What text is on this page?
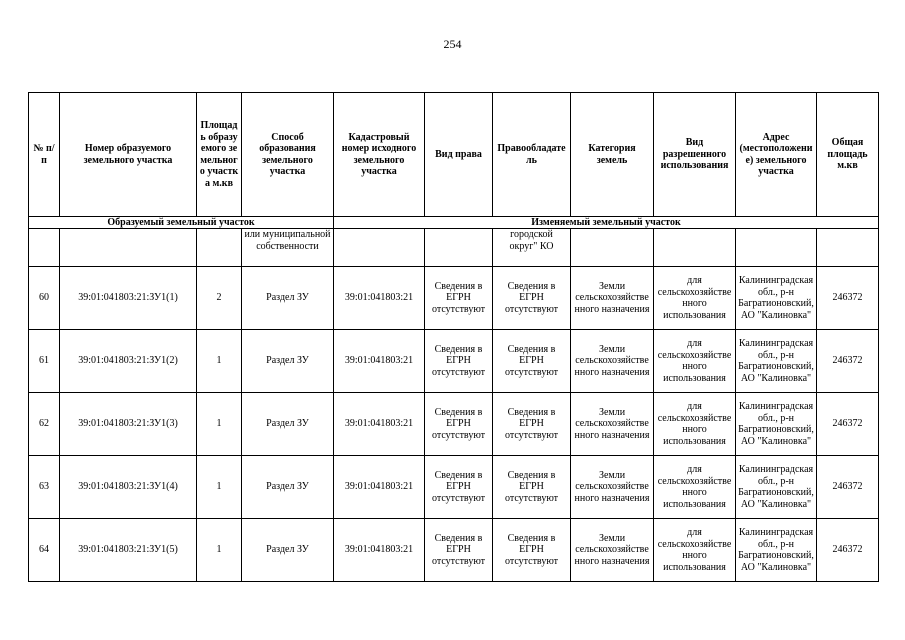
254
№ п/п	Номер образуемого земельного участка	Площадь образуемого земельного участка м.кв	Способ образования земельного участка	Кадастровый номер исходного земельного участка	Вид права	Правообладатель	Категория земель	Вид разрешенного использования	Адрес (местоположение) земельного участка	Общая площадь м.кв
Образуемый земельный участок				Изменяемый земельный участок						
			или муниципальной собственности			городской округ" КО				
60	39:01:041803:21:ЗУ1(1)	2	Раздел ЗУ	39:01:041803:21	Сведения в ЕГРН отсутствуют	Сведения в ЕГРН отсутствуют	Земли сельскохозяйственного назначения	для сельскохозяйственного использования	Калининградская обл., р-н Багратионовский, АО "Калиновка"	246372
61	39:01:041803:21:ЗУ1(2)	1	Раздел ЗУ	39:01:041803:21	Сведения в ЕГРН отсутствуют	Сведения в ЕГРН отсутствуют	Земли сельскохозяйственного назначения	для сельскохозяйственного использования	Калининградская обл., р-н Багратионовский, АО "Калиновка"	246372
62	39:01:041803:21:ЗУ1(3)	1	Раздел ЗУ	39:01:041803:21	Сведения в ЕГРН отсутствуют	Сведения в ЕГРН отсутствуют	Земли сельскохозяйственного назначения	для сельскохозяйственного использования	Калининградская обл., р-н Багратионовский, АО "Калиновка"	246372
63	39:01:041803:21:ЗУ1(4)	1	Раздел ЗУ	39:01:041803:21	Сведения в ЕГРН отсутствуют	Сведения в ЕГРН отсутствуют	Земли сельскохозяйственного назначения	для сельскохозяйственного использования	Калининградская обл., р-н Багратионовский, АО "Калиновка"	246372
64	39:01:041803:21:ЗУ1(5)	1	Раздел ЗУ	39:01:041803:21	Сведения в ЕГРН отсутствуют	Сведения в ЕГРН отсутствуют	Земли сельскохозяйственного назначения	для сельскохозяйственного использования	Калининградская обл., р-н Багратионовский, АО "Калиновка"	246372
